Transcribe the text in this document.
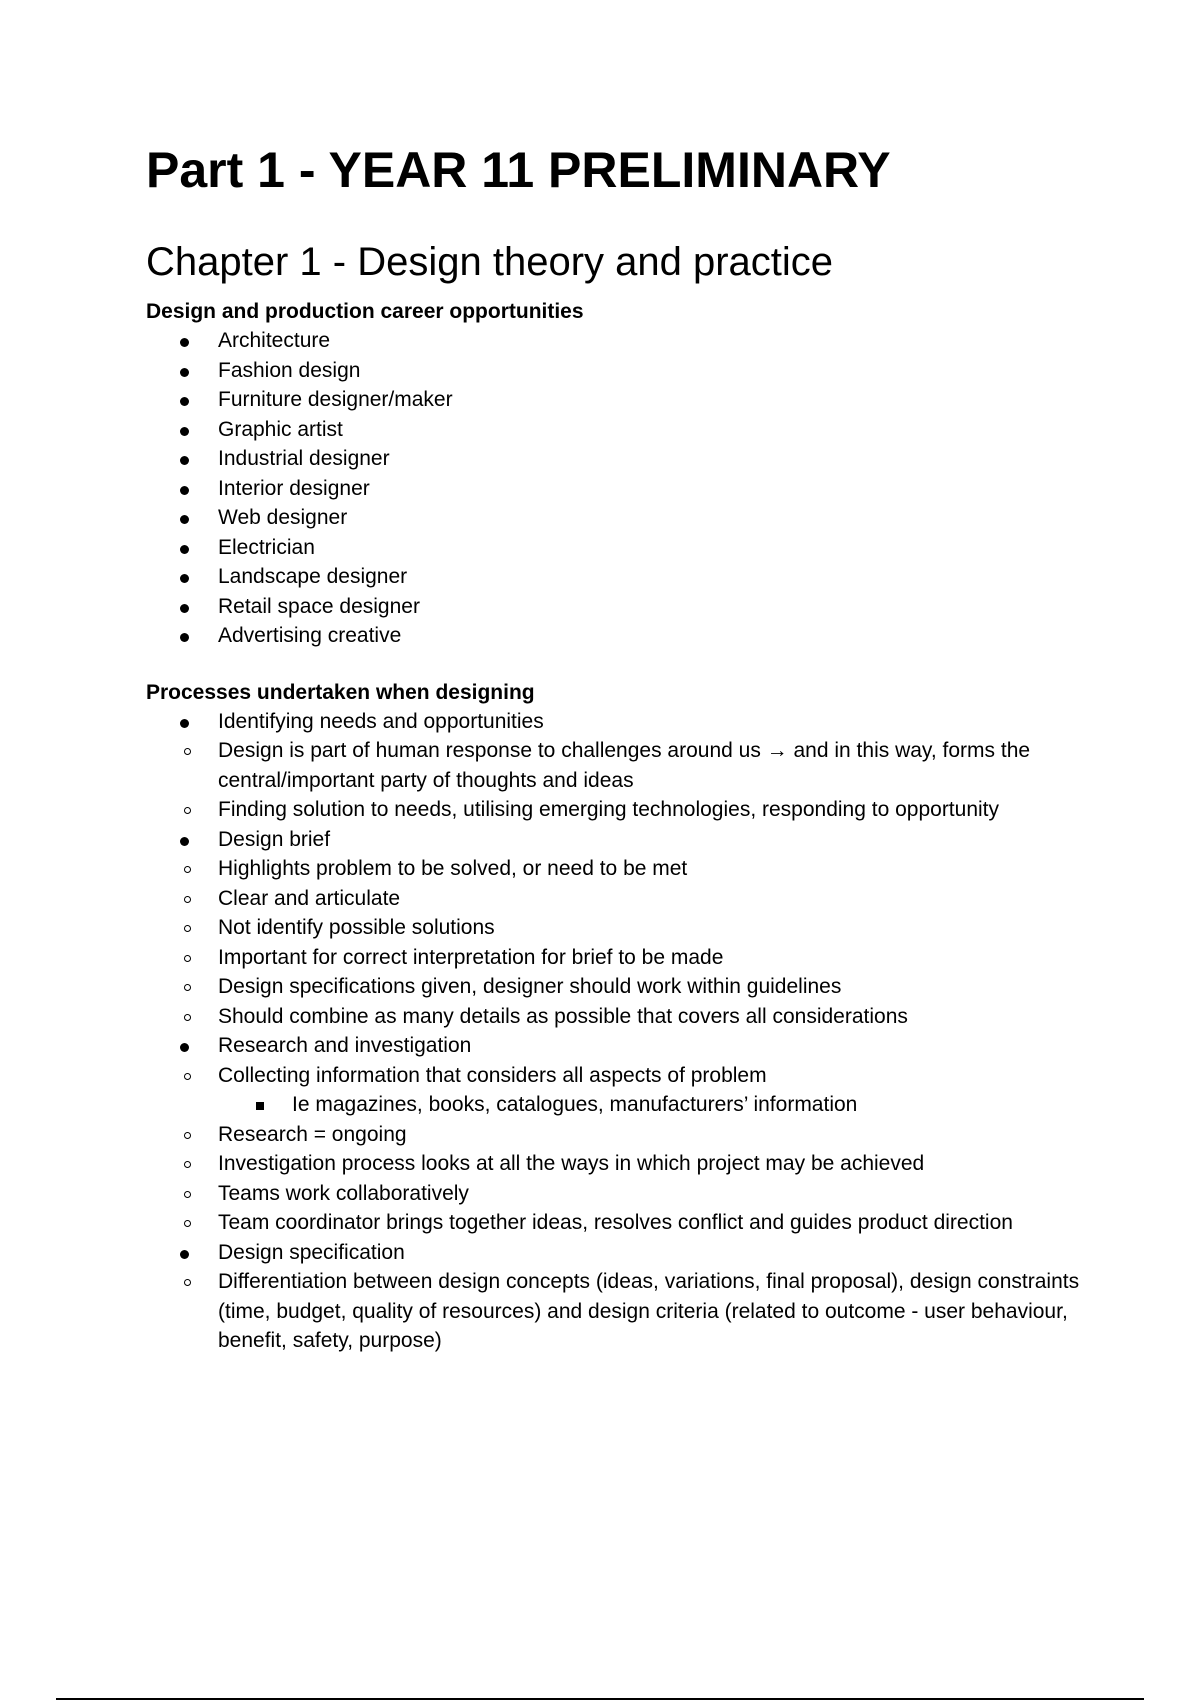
Part 1 - YEAR 11 PRELIMINARY
Chapter 1 - Design theory and practice
Design and production career opportunities
Architecture
Fashion design
Furniture designer/maker
Graphic artist
Industrial designer
Interior designer
Web designer
Electrician
Landscape designer
Retail space designer
Advertising creative
Processes undertaken when designing
Identifying needs and opportunities
Design is part of human response to challenges around us → and in this way, forms the central/important party of thoughts and ideas
Finding solution to needs, utilising emerging technologies, responding to opportunity
Design brief
Highlights problem to be solved, or need to be met
Clear and articulate
Not identify possible solutions
Important for correct interpretation for brief to be made
Design specifications given, designer should work within guidelines
Should combine as many details as possible that covers all considerations
Research and investigation
Collecting information that considers all aspects of problem
Ie magazines, books, catalogues, manufacturers’ information
Research = ongoing
Investigation process looks at all the ways in which project may be achieved
Teams work collaboratively
Team coordinator brings together ideas, resolves conflict and guides product direction
Design specification
Differentiation between design concepts (ideas, variations, final proposal), design constraints (time, budget, quality of resources) and design criteria (related to outcome - user behaviour, benefit, safety, purpose)
